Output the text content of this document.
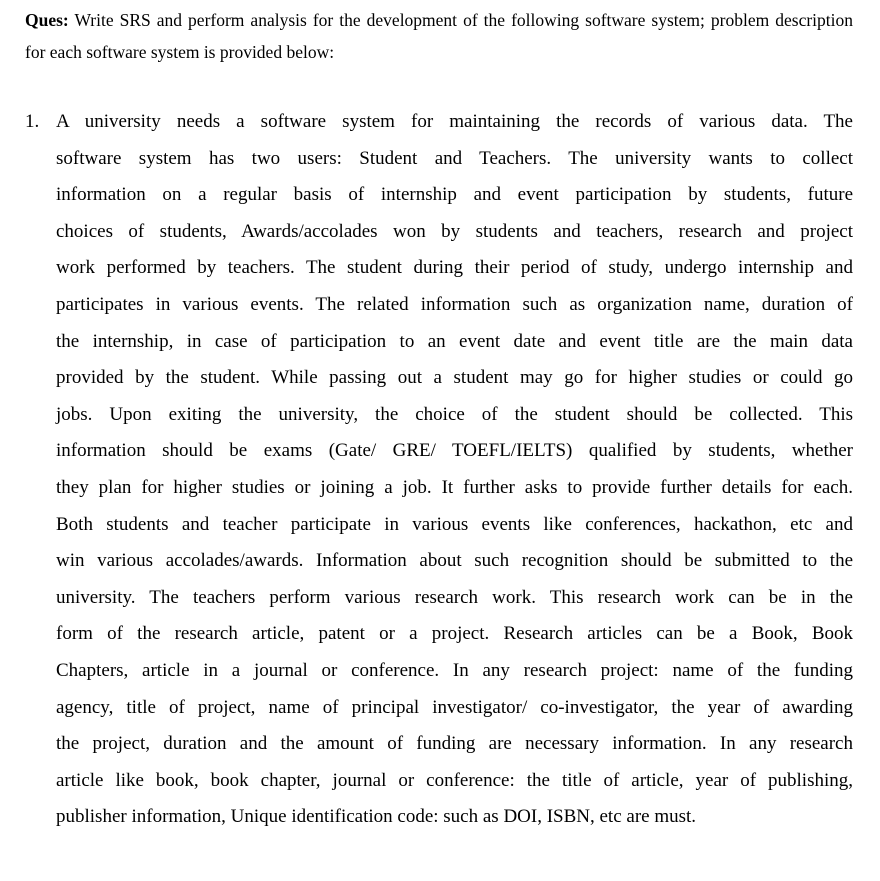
Ques: Write SRS and perform analysis for the development of the following software system; problem description for each software system is provided below:
1. A university needs a software system for maintaining the records of various data. The
software system has two users: Student and Teachers. The university wants to collect
information on a regular basis of internship and event participation by students, future
choices of students, Awards/accolades won by students and teachers, research and project
work performed by teachers. The student during their period of study, undergo internship and
participates in various events. The related information such as organization name, duration of
the internship, in case of participation to an event date and event title are the main data
provided by the student. While passing out a student may go for higher studies or could go
jobs. Upon exiting the university, the choice of the student should be collected. This
information should be exams (Gate/ GRE/ TOEFL/IELTS) qualified by students, whether
they plan for higher studies or joining a job. It further asks to provide further details for each.
Both students and teacher participate in various events like conferences, hackathon, etc and
win various accolades/awards. Information about such recognition should be submitted to the
university. The teachers perform various research work. This research work can be in the
form of the research article, patent or a project. Research articles can be a Book, Book
Chapters, article in a journal or conference. In any research project: name of the funding
agency, title of project, name of principal investigator/ co-investigator, the year of awarding
the project, duration and the amount of funding are necessary information. In any research
article like book, book chapter, journal or conference: the title of article, year of publishing,
publisher information, Unique identification code: such as DOI, ISBN, etc are must.
